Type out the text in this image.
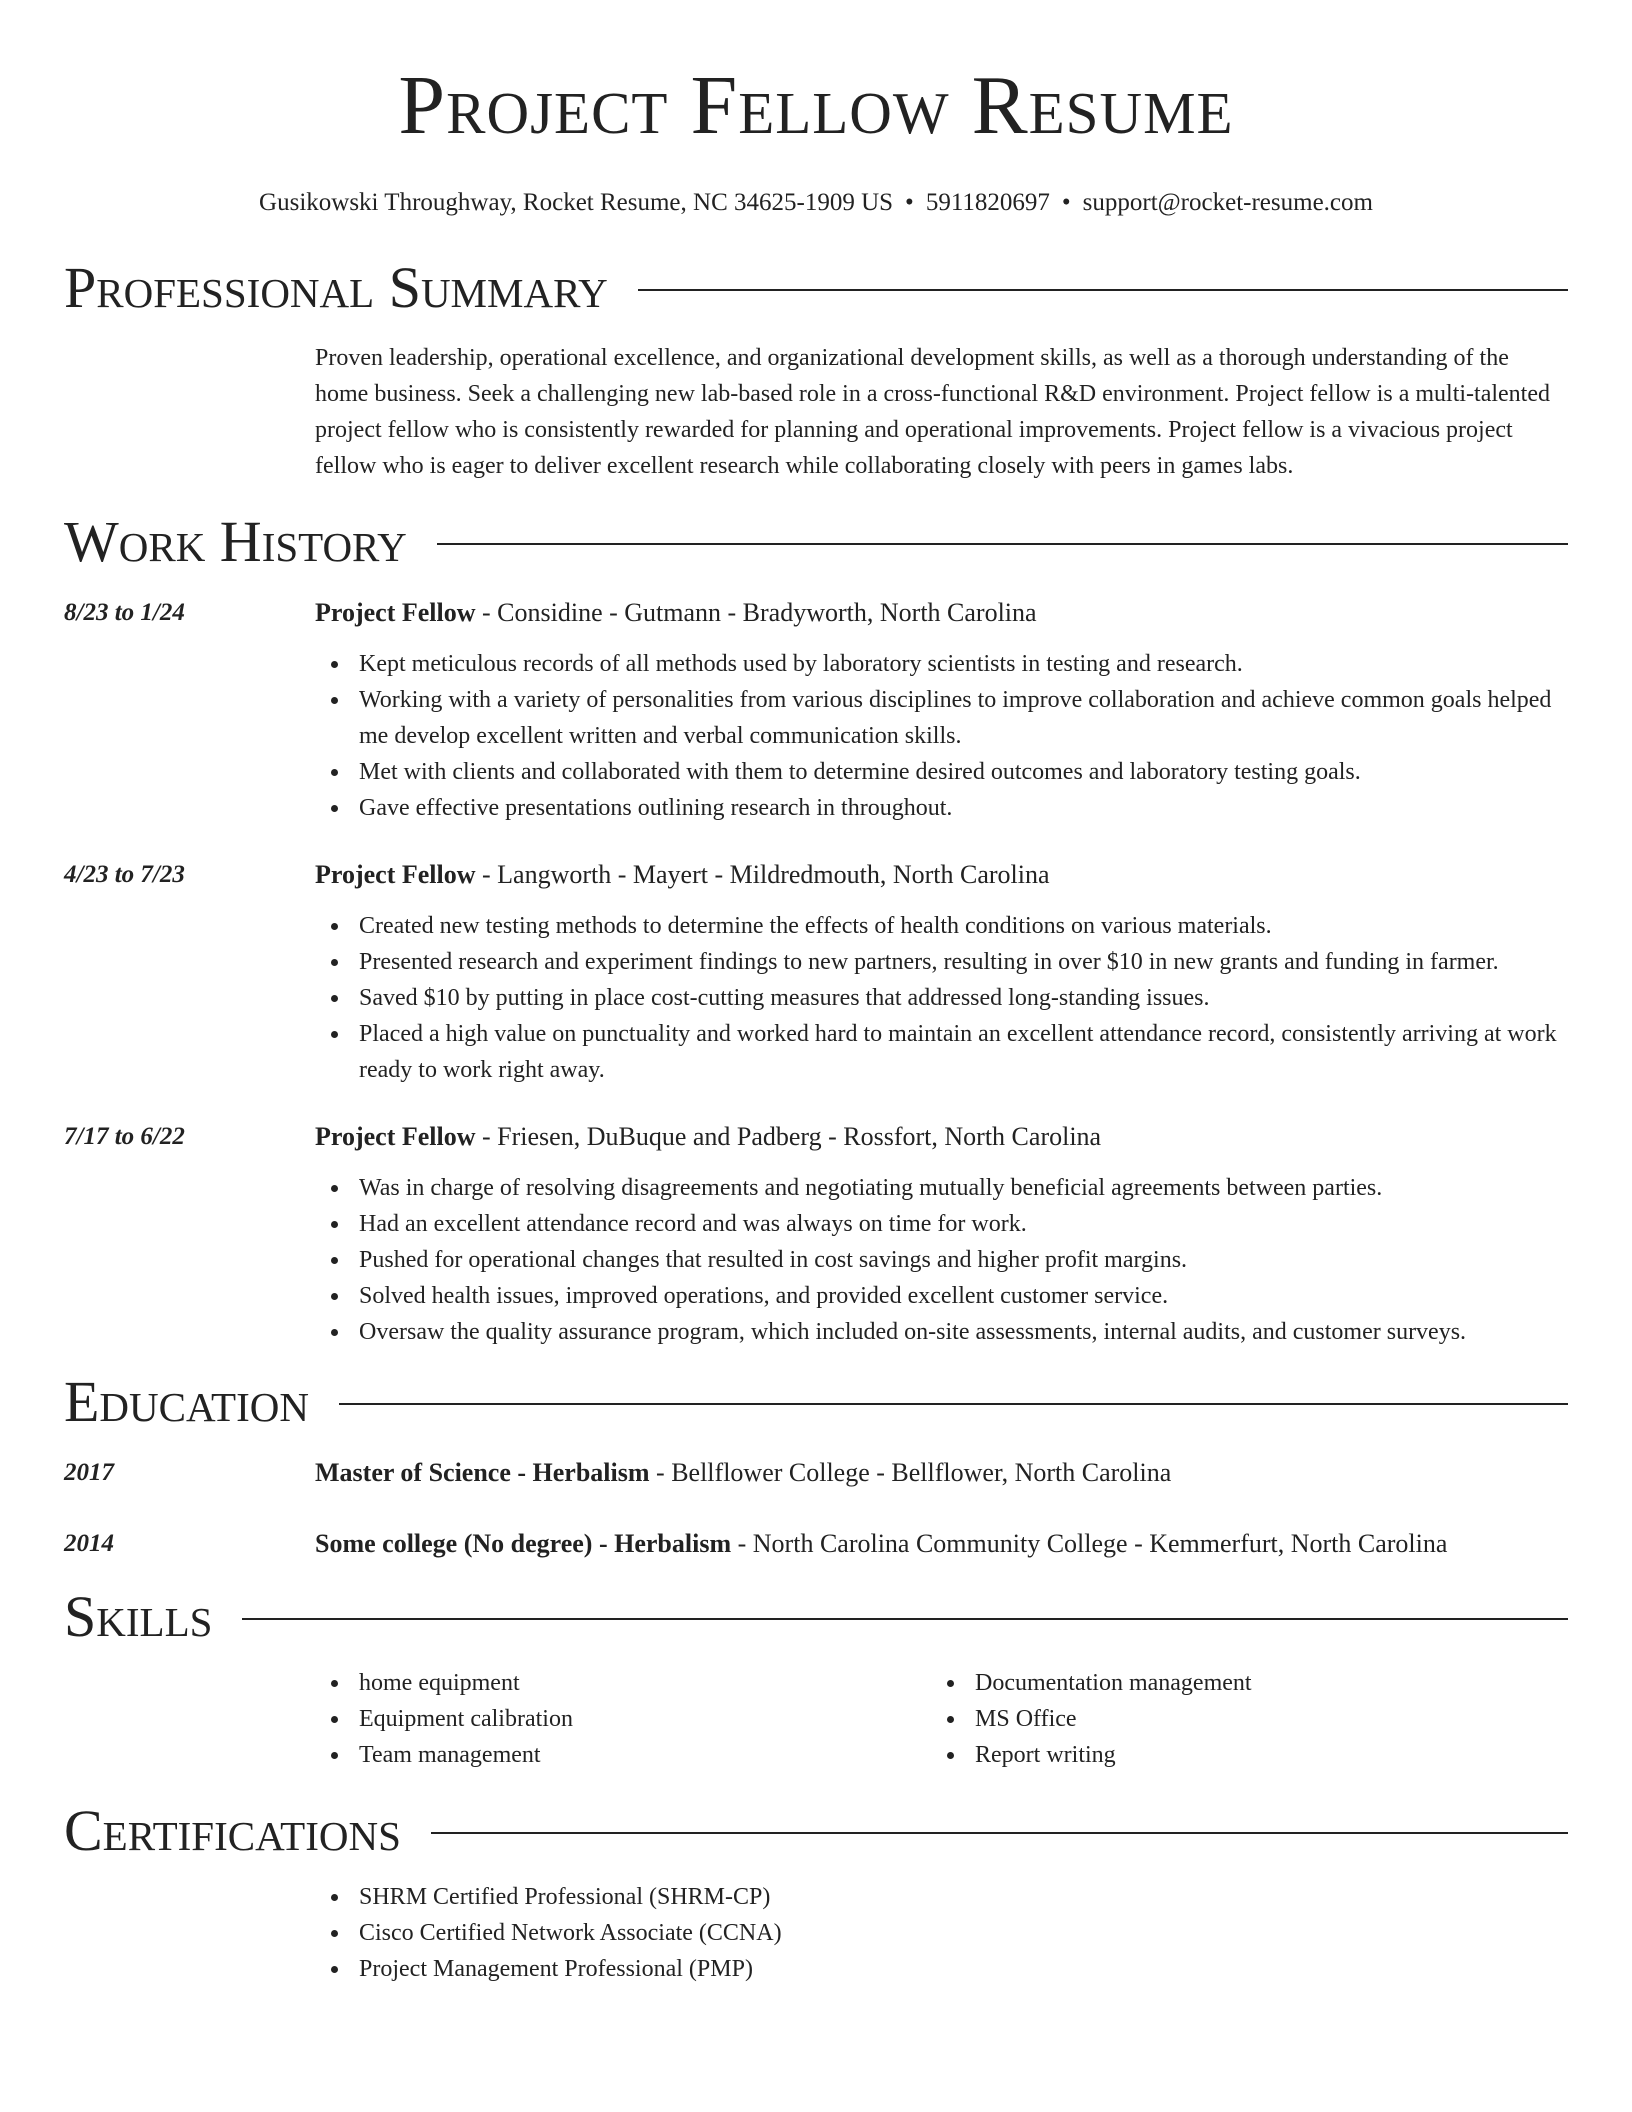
Project Fellow Resume
Gusikowski Throughway, Rocket Resume, NC 34625-1909 US • 5911820697 • support@rocket-resume.com
Professional Summary

Proven leadership, operational excellence, and organizational development skills, as well as a thorough understanding of the home business. Seek a challenging new lab-based role in a cross-functional R&D environment. Project fellow is a multi-talented project fellow who is consistently rewarded for planning and operational improvements. Project fellow is a vivacious project fellow who is eager to deliver excellent research while collaborating closely with peers in games labs.

Work History
8/23 to 1/24	Project Fellow - Considine - Gutmann - Bradyworth, North Carolina
Kept meticulous records of all methods used by laboratory scientists in testing and research.
Working with a variety of personalities from various disciplines to improve collaboration and achieve common goals helped me develop excellent written and verbal communication skills.
Met with clients and collaborated with them to determine desired outcomes and laboratory testing goals.
Gave effective presentations outlining research in throughout.
4/23 to 7/23	Project Fellow - Langworth - Mayert - Mildredmouth, North Carolina
Created new testing methods to determine the effects of health conditions on various materials.
Presented research and experiment findings to new partners, resulting in over $10 in new grants and funding in farmer.
Saved $10 by putting in place cost-cutting measures that addressed long-standing issues.
Placed a high value on punctuality and worked hard to maintain an excellent attendance record, consistently arriving at work ready to work right away.
7/17 to 6/22	Project Fellow - Friesen, DuBuque and Padberg - Rossfort, North Carolina
Was in charge of resolving disagreements and negotiating mutually beneficial agreements between parties.
Had an excellent attendance record and was always on time for work.
Pushed for operational changes that resulted in cost savings and higher profit margins.
Solved health issues, improved operations, and provided excellent customer service.
Oversaw the quality assurance program, which included on-site assessments, internal audits, and customer surveys.
Education
2017	Master of Science - Herbalism - Bellflower College - Bellflower, North Carolina
2014	Some college (No degree) - Herbalism - North Carolina Community College - Kemmerfurt, North Carolina
Skills
home equipment
Equipment calibration
Team management
Documentation management
MS Office
Report writing
Certifications
SHRM Certified Professional (SHRM-CP)
Cisco Certified Network Associate (CCNA)
Project Management Professional (PMP)
